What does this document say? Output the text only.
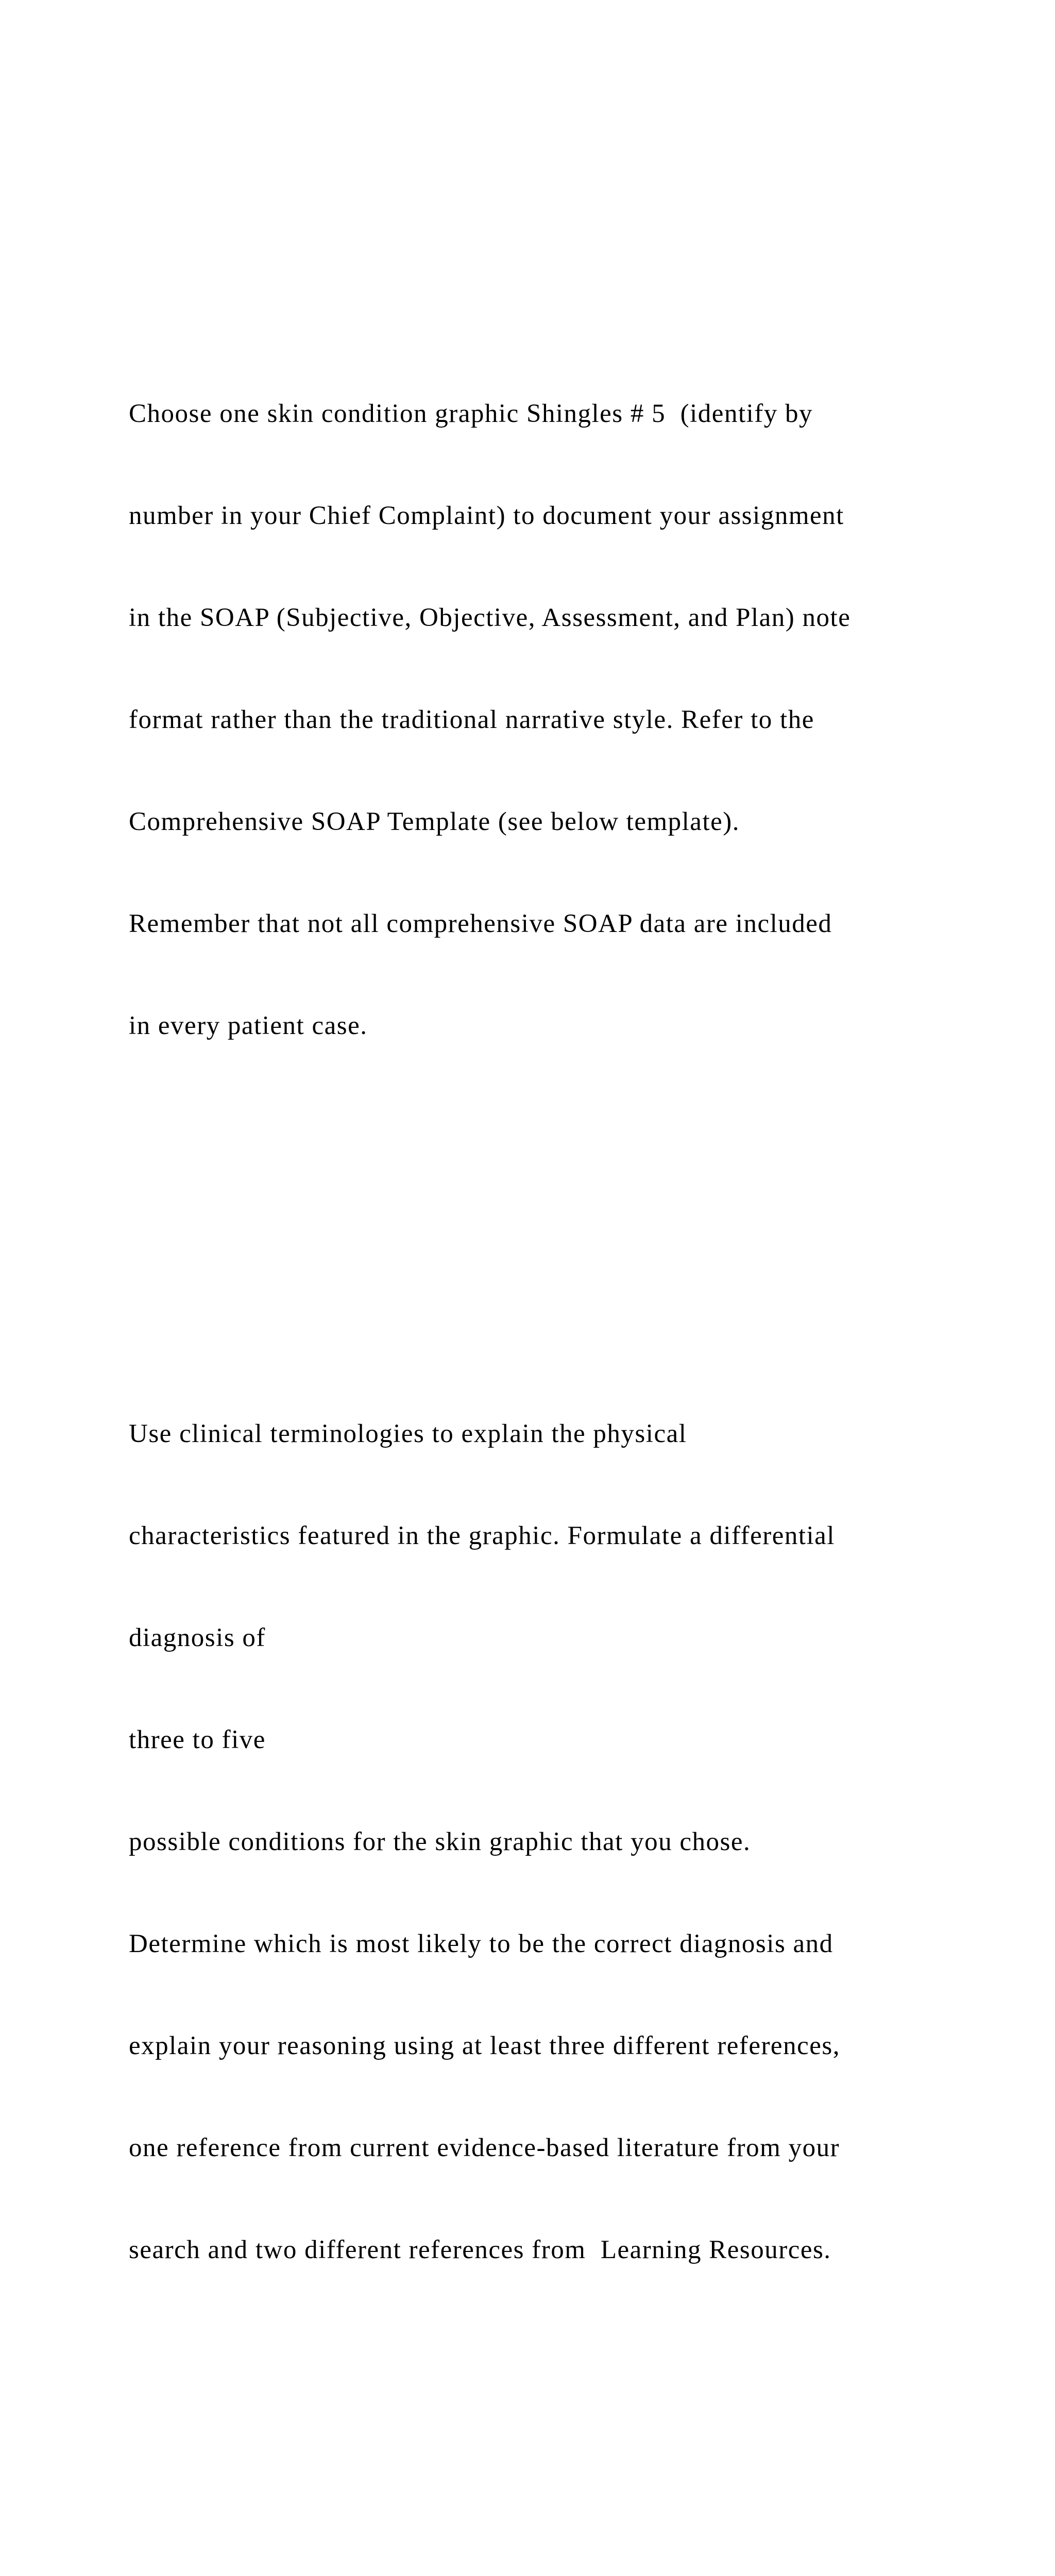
Choose one skin condition graphic Shingles # 5  (identify by

number in your Chief Complaint) to document your assignment

in the SOAP (Subjective, Objective, Assessment, and Plan) note

format rather than the traditional narrative style. Refer to the

Comprehensive SOAP Template (see below template).

Remember that not all comprehensive SOAP data are included

in every patient case.

Use clinical terminologies to explain the physical

characteristics featured in the graphic. Formulate a differential

diagnosis of

three to five

possible conditions for the skin graphic that you chose.

Determine which is most likely to be the correct diagnosis and

explain your reasoning using at least three different references,

one reference from current evidence-based literature from your

search and two different references from  Learning Resources.
